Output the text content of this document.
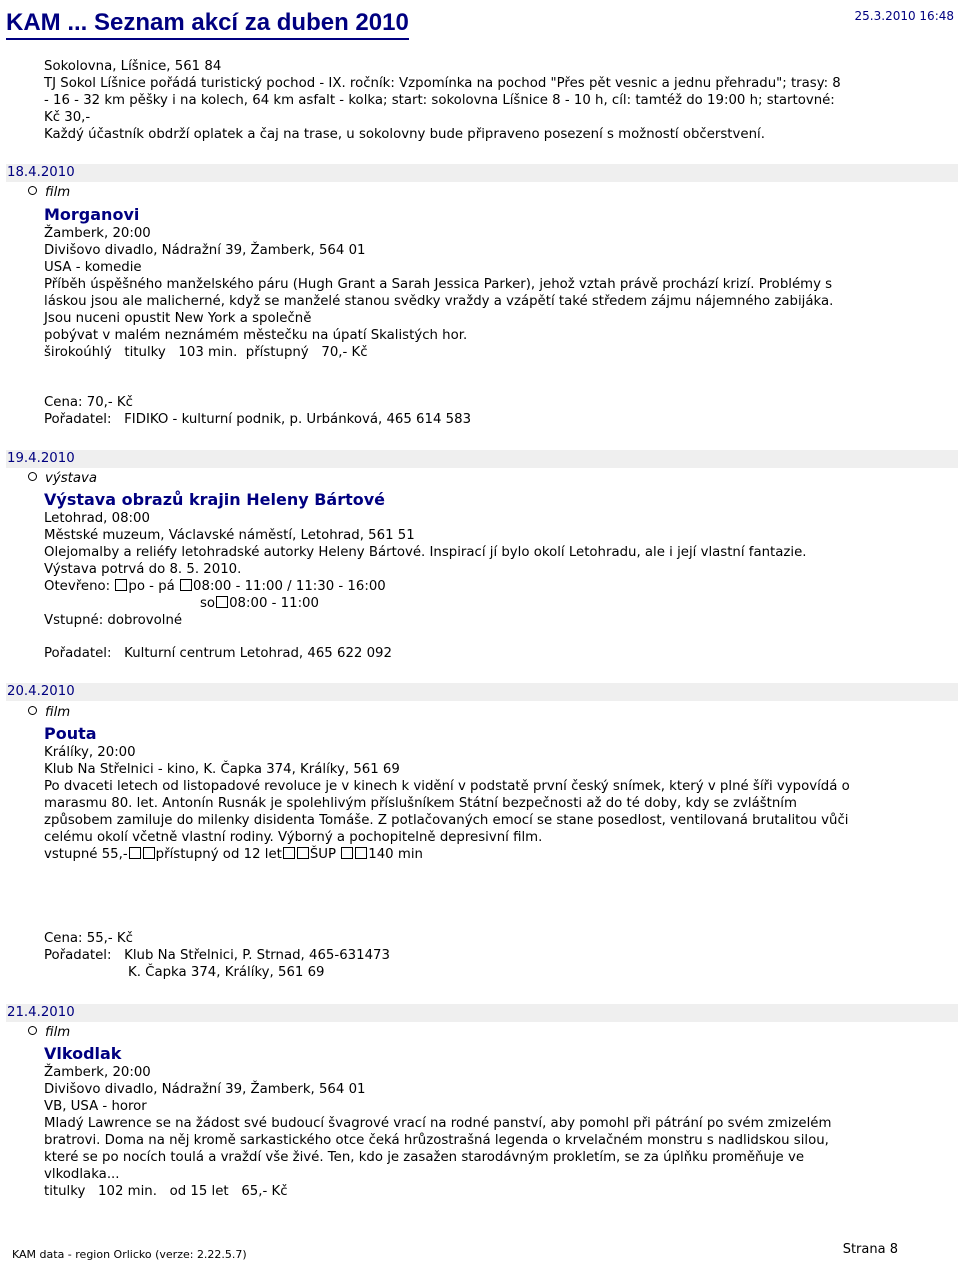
KAM ... Seznam akcí za duben 2010	25.3.2010 16:48
Sokolovna, Líšnice, 561 84
TJ Sokol Líšnice pořádá turistický pochod - IX. ročník: Vzpomínka na pochod "Přes pět vesnic a jednu přehradu"; trasy: 8
- 16 - 32 km pěšky i na kolech, 64 km asfalt - kolka; start: sokolovna Líšnice 8 - 10 h, cíl: tamtéž do 19:00 h; startovné:
Kč 30,-
Každý účastník obdrží oplatek a čaj na trase, u sokolovny bude připraveno posezení s možností občerstvení.
18.4.2010
film
Morganovi
Žamberk, 20:00
Divišovo divadlo, Nádražní 39, Žamberk, 564 01
USA - komedie
Příběh úspěšného manželského páru (Hugh Grant a Sarah Jessica Parker), jehož vztah právě prochází krizí. Problémy s
láskou jsou ale malicherné, když se manželé stanou svědky vraždy a vzápětí také středem zájmu nájemného zabijáka.
Jsou nuceni opustit New York a společně
pobývat v malém neznámém městečku na úpatí Skalistých hor.
širokoúhlý   titulky   103 min.  přístupný   70,- Kč
Cena: 70,- Kč
Pořadatel: FIDIKO - kulturní podnik, p. Urbánková, 465 614 583
19.4.2010
výstava
Výstava obrazů krajin Heleny Bártové
Letohrad, 08:00
Městské muzeum, Václavské náměstí, Letohrad, 561 51
Olejomalby a reliéfy letohradské autorky Heleny Bártové. Inspirací jí bylo okolí Letohradu, ale i její vlastní fantazie.
Výstava potrvá do 8. 5. 2010.
Otevřeno: po - pá 08:00 - 11:00 / 11:30 - 16:00
so 08:00 - 11:00
Vstupné: dobrovolné
Pořadatel: Kulturní centrum Letohrad, 465 622 092
20.4.2010
film
Pouta
Králíky, 20:00
Klub Na Střelnici - kino, K. Čapka 374, Králíky, 561 69
Po dvaceti letech od listopadové revoluce je v kinech k vidění v podstatě první český snímek, který v plné šíři vypovídá o
marasmu 80. let. Antonín Rusnák je spolehlivým příslušníkem Státní bezpečnosti až do té doby, kdy se zvláštním
způsobem zamiluje do milenky disidenta Tomáše. Z potlačovaných emocí se stane posedlost, ventilovaná brutalitou vůči
celému okolí včetně vlastní rodiny. Výborný a pochopitelně depresivní film.
vstupné 55,- přístupný od 12 let ŠUP 140 min
Cena: 55,- Kč
Pořadatel: Klub Na Střelnici, P. Strnad, 465-631473
K. Čapka 374, Králíky, 561 69
21.4.2010
film
Vlkodlak
Žamberk, 20:00
Divišovo divadlo, Nádražní 39, Žamberk, 564 01
VB, USA - horor
Mladý Lawrence se na žádost své budoucí švagrové vrací na rodné panství, aby pomohl při pátrání po svém zmizelém
bratrovi. Doma na něj kromě sarkastického otce čeká hrůzostrašná legenda o krvelačném monstru s nadlidskou silou,
které se po nocích toulá a vraždí vše živé. Ten, kdo je zasažen starodávným prokletím, se za úplňku proměňuje ve
vlkodlaka...
titulky   102 min.   od 15 let   65,- Kč
KAM data - region Orlicko (verze: 2.22.5.7)	Strana 8
